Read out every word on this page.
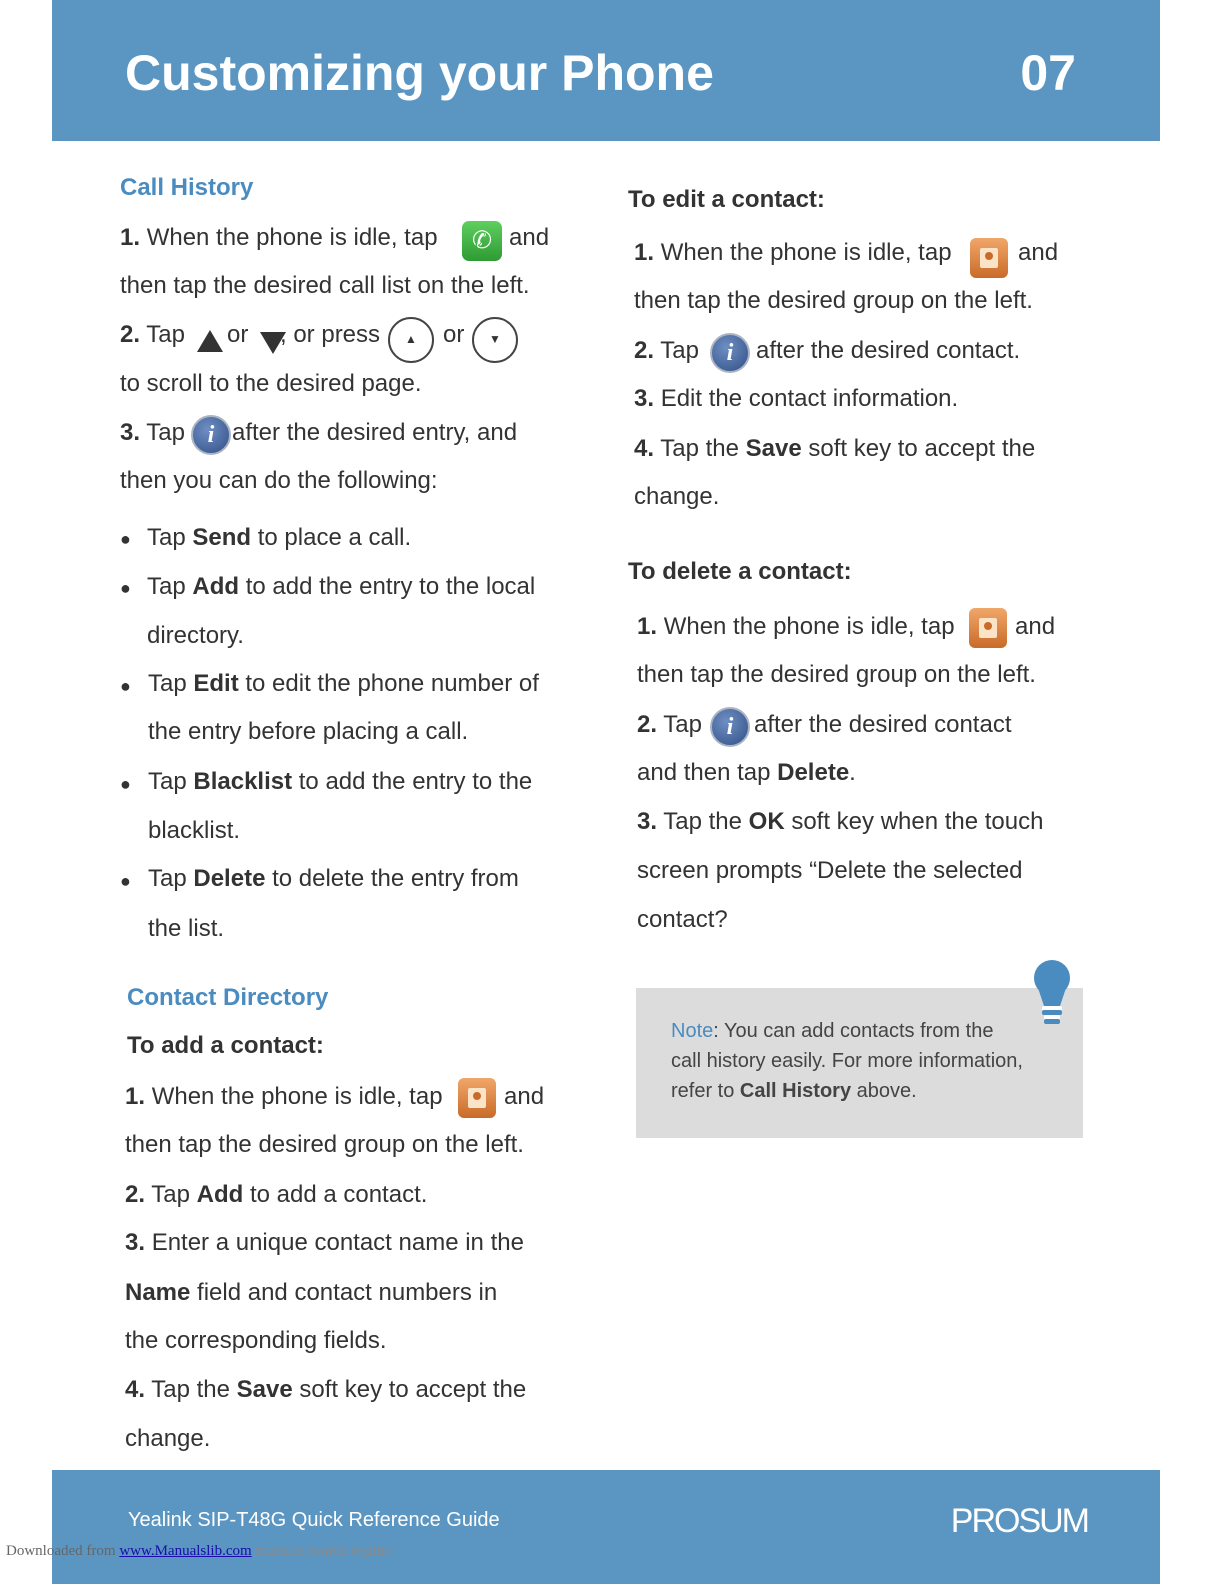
Customizing your Phone	07
Call History
1. When the phone is idle, tap	✆ and
then tap the desired call list on the left.
2. Tap or , or press	▲	or	▼
to scroll to the desired page.
3. Tap i after the desired entry, and
then you can do the following:
● Tap Send to place a call.
● Tap Add to add the entry to the local
directory.
● Tap Edit to edit the phone number of
the entry before placing a call.
● Tap Blacklist to add the entry to the
blacklist.
● Tap Delete to delete the entry from
the list.
Contact Directory
To add a contact:
1. When the phone is idle, tap	and
then tap the desired group on the left.
2. Tap Add to add a contact.
3. Enter a unique contact name in the
Name field and contact numbers in
the corresponding fields.
4. Tap the Save soft key to accept the
change.
To edit a contact:
1. When the phone is idle, tap	and
then tap the desired group on the left.
2. Tap	i after the desired contact.
3. Edit the contact information.
4. Tap the Save soft key to accept the
change.
To delete a contact:
1. When the phone is idle, tap	and
then tap the desired group on the left.
2. Tap	i after the desired contact
and then tap Delete.
3. Tap the OK soft key when the touch
screen prompts “Delete the selected
contact?
Note: You can add contacts from the
call history easily. For more information,
refer to Call History above.
Yealink SIP-T48G Quick Reference Guide	PROSUM
Downloaded from www.Manualslib.com manuals search engine
